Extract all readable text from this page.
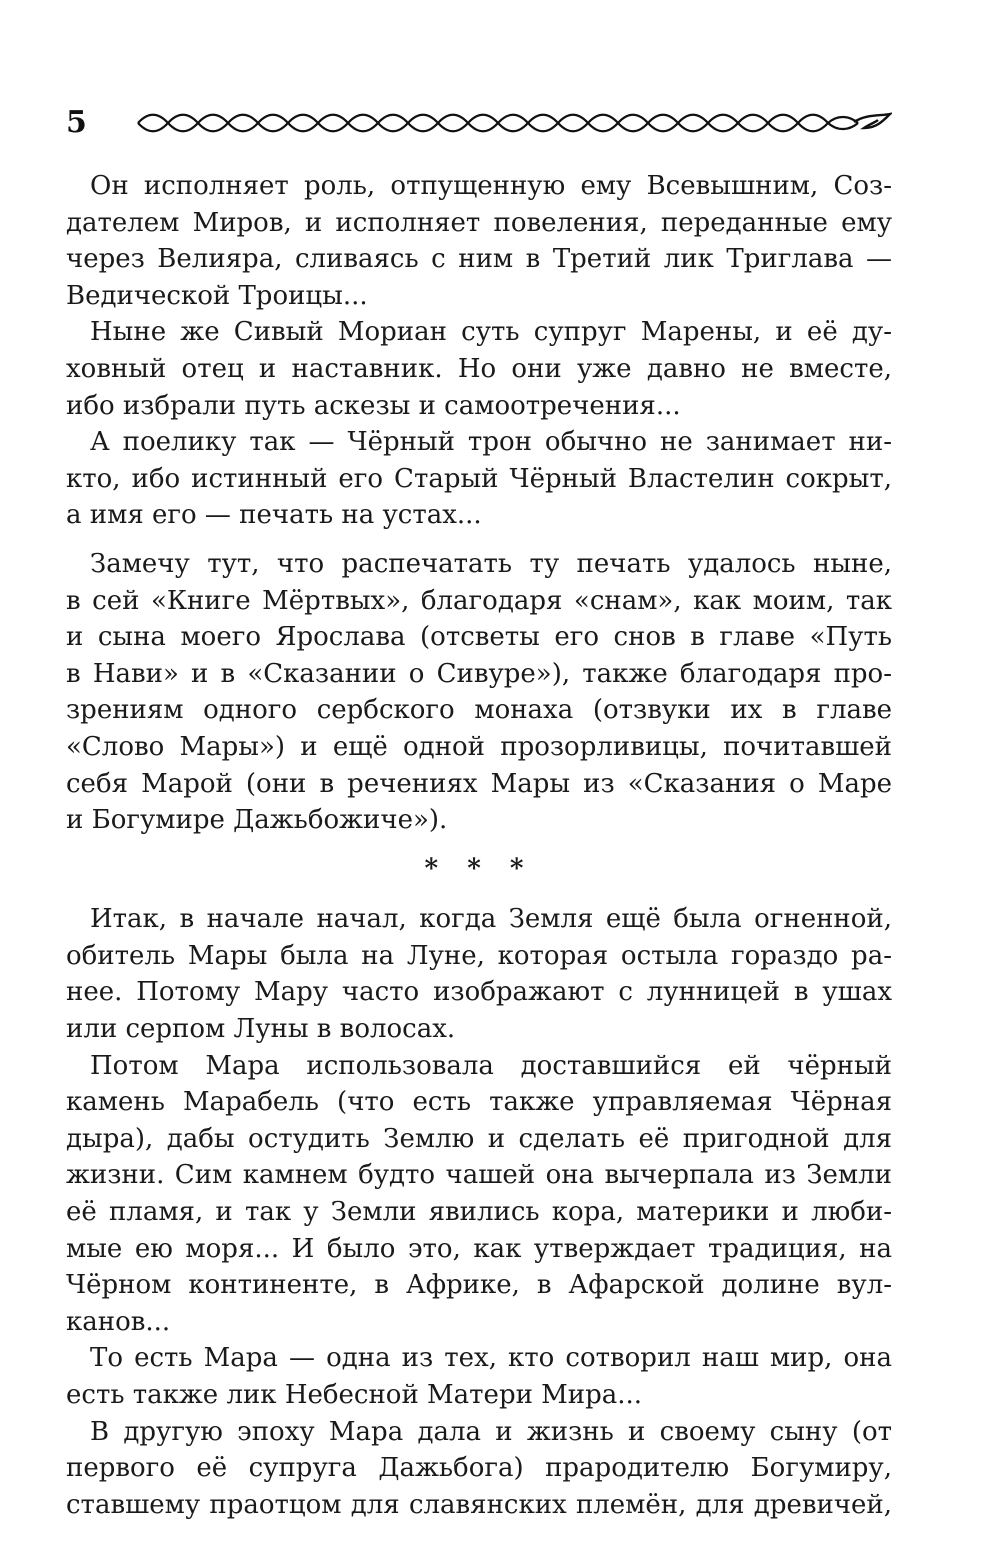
5

Он исполняет роль, отпущенную ему Всевышним, Соз-
дателем Миров, и исполняет повеления, переданные ему
через Велияра, сливаясь с ним в Третий лик Триглава —
Ведической Троицы...

Ныне же Сивый Мориан суть супруг Марены, и её ду-
ховный отец и наставник. Но они уже давно не вместе,
ибо избрали путь аскезы и самоотречения...

А поелику так — Чёрный трон обычно не занимает ни-
кто, ибо истинный его Старый Чёрный Властелин сокрыт,
а имя его — печать на устах...

Замечу тут, что распечатать ту печать удалось ныне,
в сей «Книге Мёртвых», благодаря «снам», как моим, так
и сына моего Ярослава (отсветы его снов в главе «Путь
в Нави» и в «Сказании о Сивуре»), также благодаря про-
зрениям одного сербского монаха (отзвуки их в главе
«Слово Мары») и ещё одной прозорливицы, почитавшей
себя Марой (они в речениях Мары из «Сказания о Маре
и Богумире Дажьбожиче»).

* * *

Итак, в начале начал, когда Земля ещё была огненной,
обитель Мары была на Луне, которая остыла гораздо ра-
нее. Потому Мару часто изображают с лунницей в ушах
или серпом Луны в волосах.

Потом Мара использовала доставшийся ей чёрный
камень Марабель (что есть также управляемая Чёрная
дыра), дабы остудить Землю и сделать её пригодной для
жизни. Сим камнем будто чашей она вычерпала из Земли
её пламя, и так у Земли явились кора, материки и люби-
мые ею моря... И было это, как утверждает традиция, на
Чёрном континенте, в Африке, в Афарской долине вул-
канов...

То есть Мара — одна из тех, кто сотворил наш мир, она
есть также лик Небесной Матери Мира...

В другую эпоху Мара дала и жизнь и своему сыну (от
первого её супруга Дажьбога) прародителю Богумиру,
ставшему праотцом для славянских племён, для древичей,
